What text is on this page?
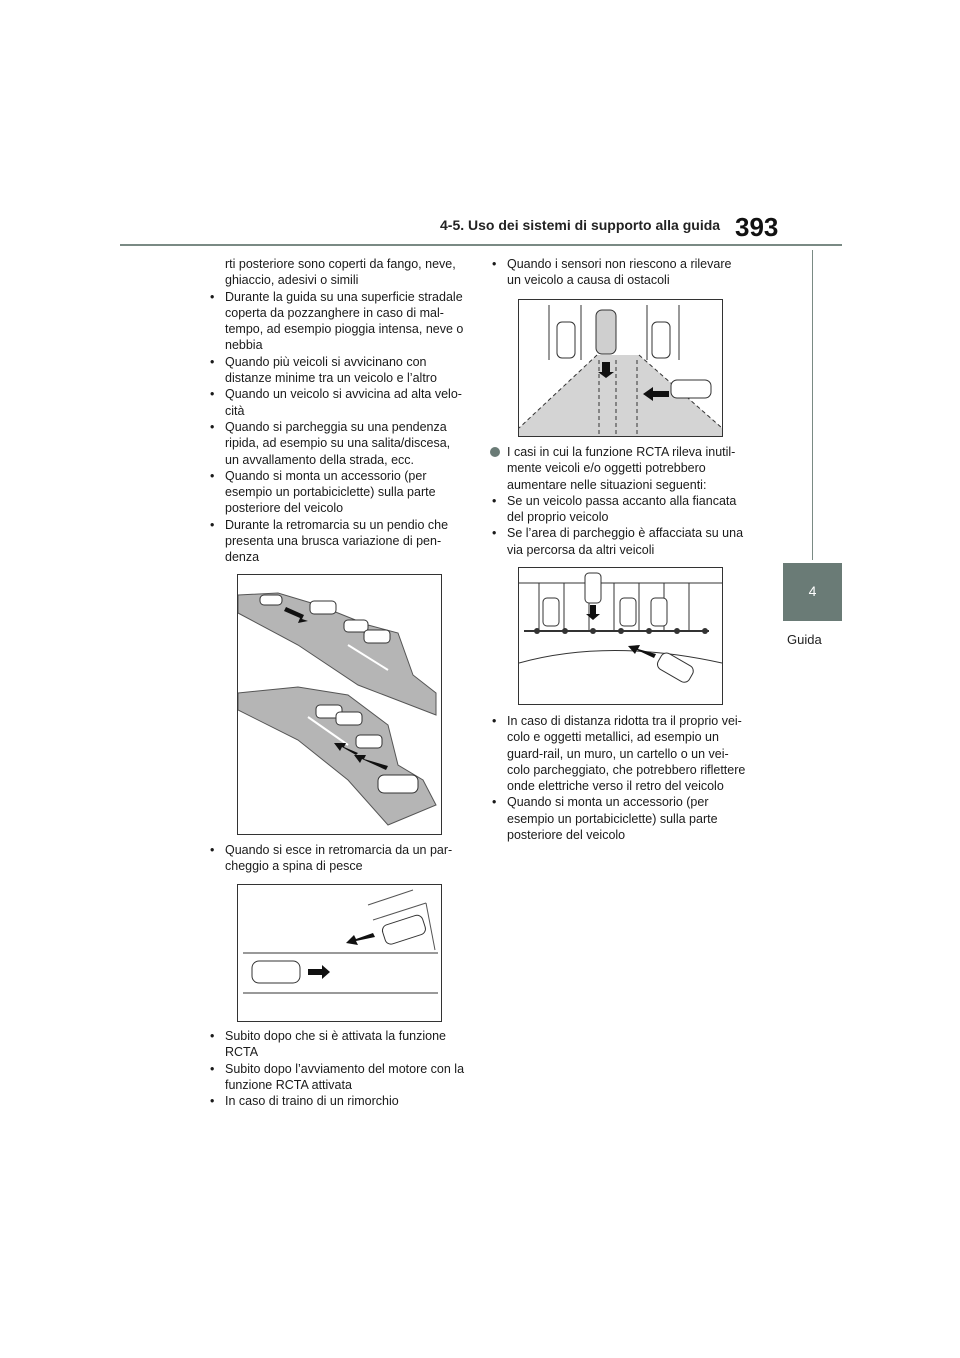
4-5. Uso dei sistemi di supporto alla guida 393
4
Guida
rti posteriore sono coperti da fango, neve,
ghiaccio, adesivi o simili
• Durante la guida su una superficie stradale
coperta da pozzanghere in caso di mal-
tempo, ad esempio pioggia intensa, neve o
nebbia
• Quando più veicoli si avvicinano con
distanze minime tra un veicolo e l’altro
• Quando un veicolo si avvicina ad alta velo-
cità
• Quando si parcheggia su una pendenza
ripida, ad esempio su una salita/discesa,
un avvallamento della strada, ecc.
• Quando si monta un accessorio (per
esempio un portabiciclette) sulla parte
posteriore del veicolo
• Durante la retromarcia su un pendio che
presenta una brusca variazione di pen-
denza
• Quando si esce in retromarcia da un par-
cheggio a spina di pesce
• Subito dopo che si è attivata la funzione
RCTA
• Subito dopo l’avviamento del motore con la
funzione RCTA attivata
• In caso di traino di un rimorchio
• Quando i sensori non riescono a rilevare
un veicolo a causa di ostacoli
I casi in cui la funzione RCTA rileva inutil-
mente veicoli e/o oggetti potrebbero
aumentare nelle situazioni seguenti:
• Se un veicolo passa accanto alla fiancata
del proprio veicolo
• Se l’area di parcheggio è affacciata su una
via percorsa da altri veicoli
• In caso di distanza ridotta tra il proprio vei-
colo e oggetti metallici, ad esempio un
guard-rail, un muro, un cartello o un vei-
colo parcheggiato, che potrebbero riflettere
onde elettriche verso il retro del veicolo
• Quando si monta un accessorio (per
esempio un portabiciclette) sulla parte
posteriore del veicolo
